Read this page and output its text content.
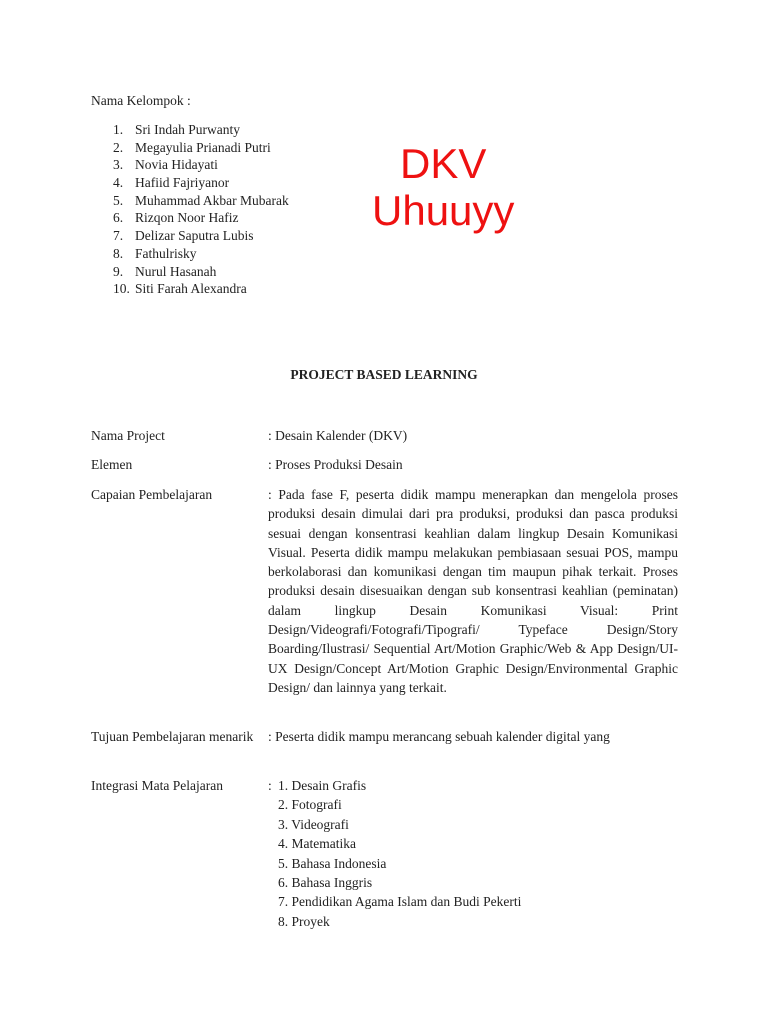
Nama Kelompok :
1. Sri Indah Purwanty
2. Megayulia Prianadi Putri
3. Novia Hidayati
4. Hafiid Fajriyanor
5. Muhammad Akbar Mubarak
6. Rizqon Noor Hafiz
7. Delizar Saputra Lubis
8. Fathulrisky
9. Nurul Hasanah
10. Siti Farah Alexandra
DKV
Uhuuyy
PROJECT BASED LEARNING
Nama Project	: Desain Kalender (DKV)
Elemen	: Proses Produksi Desain
Capaian Pembelajaran	: Pada fase F, peserta didik mampu menerapkan dan mengelola proses produksi desain dimulai dari pra produksi, produksi dan pasca produksi sesuai dengan konsentrasi keahlian dalam lingkup Desain Komunikasi Visual. Peserta didik mampu melakukan pembiasaan sesuai POS, mampu berkolaborasi dan komunikasi dengan tim maupun pihak terkait. Proses produksi desain disesuaikan dengan sub konsentrasi keahlian (peminatan) dalam lingkup Desain Komunikasi Visual: Print Design/Videografi/Fotografi/Tipografi/ Typeface Design/Story Boarding/Ilustrasi/ Sequential Art/Motion Graphic/Web & App Design/UI-UX Design/Concept Art/Motion Graphic Design/Environmental Graphic Design/ dan lainnya yang terkait.
Tujuan Pembelajaran menarik : Peserta didik mampu merancang sebuah kalender digital yang
Integrasi Mata Pelajaran	: 1. Desain Grafis
2. Fotografi
3. Videografi
4. Matematika
5. Bahasa Indonesia
6. Bahasa Inggris
7. Pendidikan Agama Islam dan Budi Pekerti
8. Proyek
